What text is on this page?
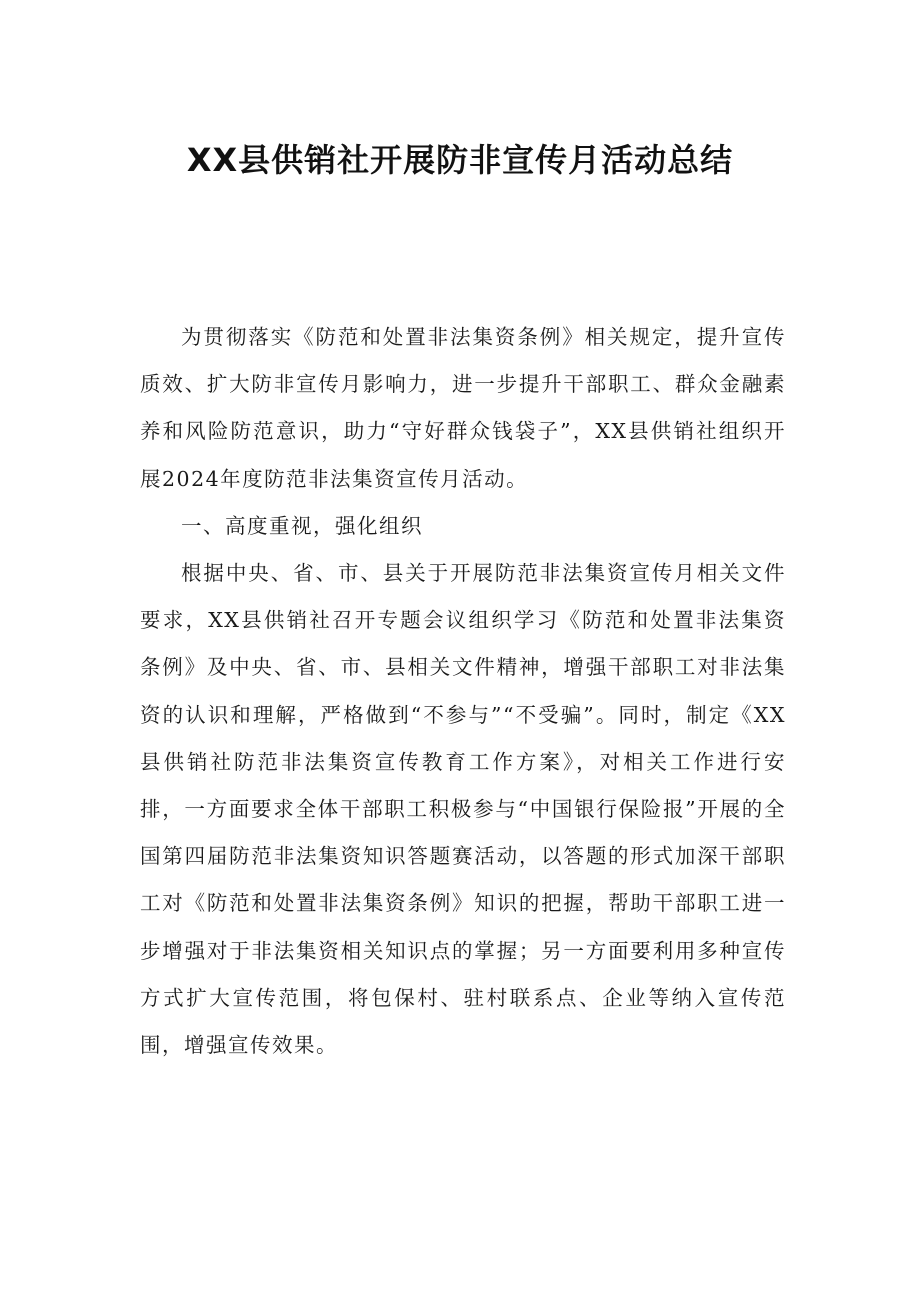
XX县供销社开展防非宣传月活动总结

为贯彻落实《防范和处置非法集资条例》相关规定，提升宣传质效、扩大防非宣传月影响力，进一步提升干部职工、群众金融素养和风险防范意识，助力“守好群众钱袋子”，XX县供销社组织开展2024年度防范非法集资宣传月活动。

一、高度重视，强化组织

根据中央、省、市、县关于开展防范非法集资宣传月相关文件要求，XX县供销社召开专题会议组织学习《防范和处置非法集资条例》及中央、省、市、县相关文件精神，增强干部职工对非法集资的认识和理解，严格做到“不参与”“不受骗”。同时，制定《XX县供销社防范非法集资宣传教育工作方案》，对相关工作进行安排，一方面要求全体干部职工积极参与“中国银行保险报”开展的全国第四届防范非法集资知识答题赛活动，以答题的形式加深干部职工对《防范和处置非法集资条例》知识的把握，帮助干部职工进一步增强对于非法集资相关知识点的掌握；另一方面要利用多种宣传方式扩大宣传范围，将包保村、驻村联系点、企业等纳入宣传范围，增强宣传效果。
